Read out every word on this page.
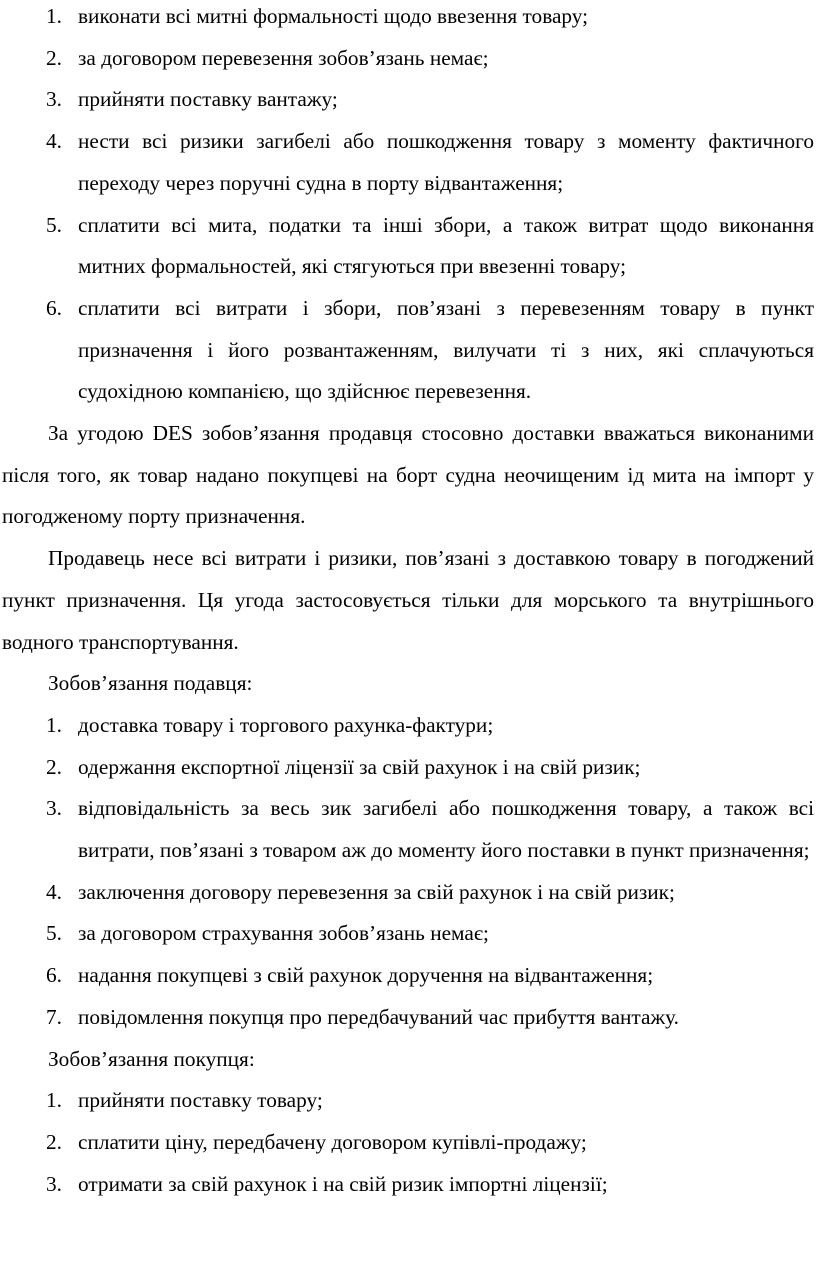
1. виконати всі митні формальності щодо ввезення товару;
2. за договором перевезення зобов’язань немає;
3. прийняти поставку вантажу;
4. нести всі ризики загибелі або пошкодження товару з моменту фактичного переходу через поручні судна в порту відвантаження;
5. сплатити всі мита, податки та інші збори, а також витрат щодо виконання митних формальностей, які стягуються при ввезенні товару;
6. сплатити всі витрати і збори, пов’язані з перевезенням товару в пункт призначення і його розвантаженням, вилучати ті з них, які сплачуються судохідною компанією, що здійснює перевезення.

За угодою DES зобов’язання продавця стосовно доставки вважаться виконаними після того, як товар надано покупцеві на борт судна неочищеним ід мита на імпорт у погодженому порту призначення.

Продавець несе всі витрати і ризики, пов’язані з доставкою товару в погоджений пункт призначення. Ця угода застосовується тільки для морського та внутрішнього водного транспортування.

Зобов’язання подавця:

1. доставка товару і торгового рахунка-фактури;
2. одержання експортної ліцензії за свій рахунок і на свій ризик;
3. відповідальність за весь зик загибелі або пошкодження товару, а також всі витрати, пов’язані з товаром аж до моменту його поставки в пункт призначення;
4. заключення договору перевезення за свій рахунок і на свій ризик;
5. за договором страхування зобов’язань немає;
6. надання покупцеві з свій рахунок доручення на відвантаження;
7. повідомлення покупця про передбачуваний час прибуття вантажу.

Зобов’язання покупця:

1. прийняти поставку товару;
2. сплатити ціну, передбачену договором купівлі-продажу;
3. отримати за свій рахунок і на свій ризик імпортні ліцензії;
